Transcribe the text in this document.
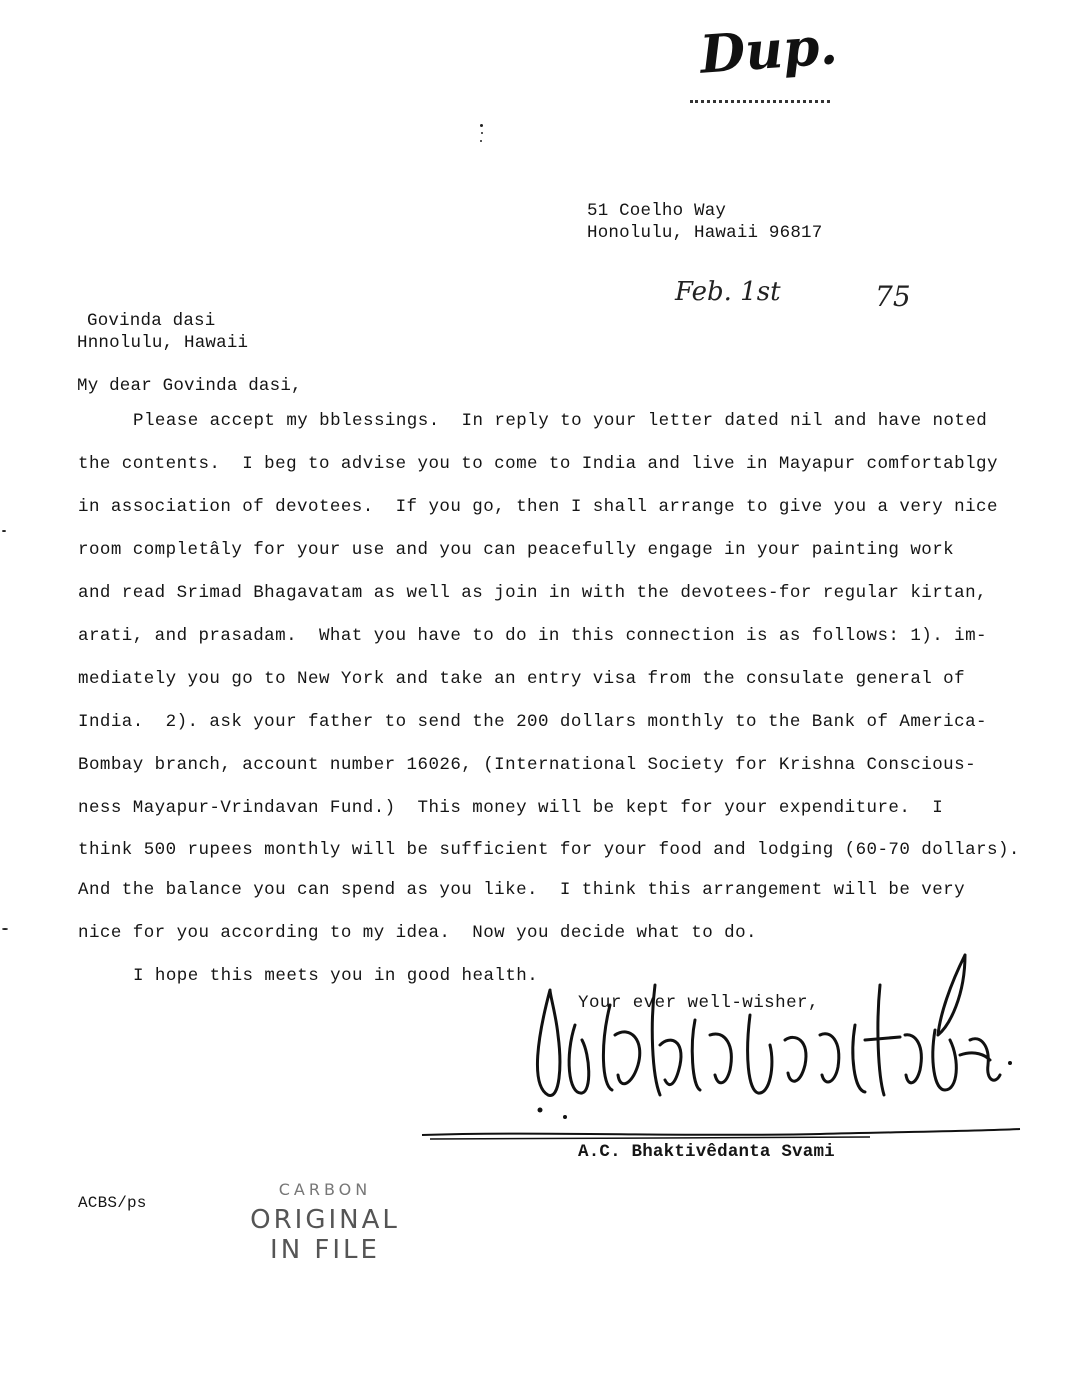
Dup.
51 Coelho Way
Honolulu, Hawaii 96817
Feb. 1st	75
Govinda dasi
Hnnolulu, Hawaii
My dear Govinda dasi,
Please accept my bblessings.  In reply to your letter dated nil and have noted
the contents.  I beg to advise you to come to India and live in Mayapur comfortablgy
in association of devotees.  If you go, then I shall arrange to give you a very nice
room completâly for your use and you can peacefully engage in your painting work
and read Srimad Bhagavatam as well as join in with the devotees-for regular kirtan,
arati, and prasadam.  What you have to do in this connection is as follows: 1). im-
mediately you go to New York and take an entry visa from the consulate general of
India.  2). ask your father to send the 200 dollars monthly to the Bank of America-
Bombay branch, account number 16026, (International Society for Krishna Conscious-
ness Mayapur-Vrindavan Fund.)  This money will be kept for your expenditure.  I
think 500 rupees monthly will be sufficient for your food and lodging (60-70 dollars).
And the balance you can spend as you like.  I think this arrangement will be very
nice for you according to my idea.  Now you decide what to do.
I hope this meets you in good health.
Your ever well-wisher,
A.C. Bhaktivêdanta Svami
ACBS/ps
CARBON
ORIGINAL
IN FILE
